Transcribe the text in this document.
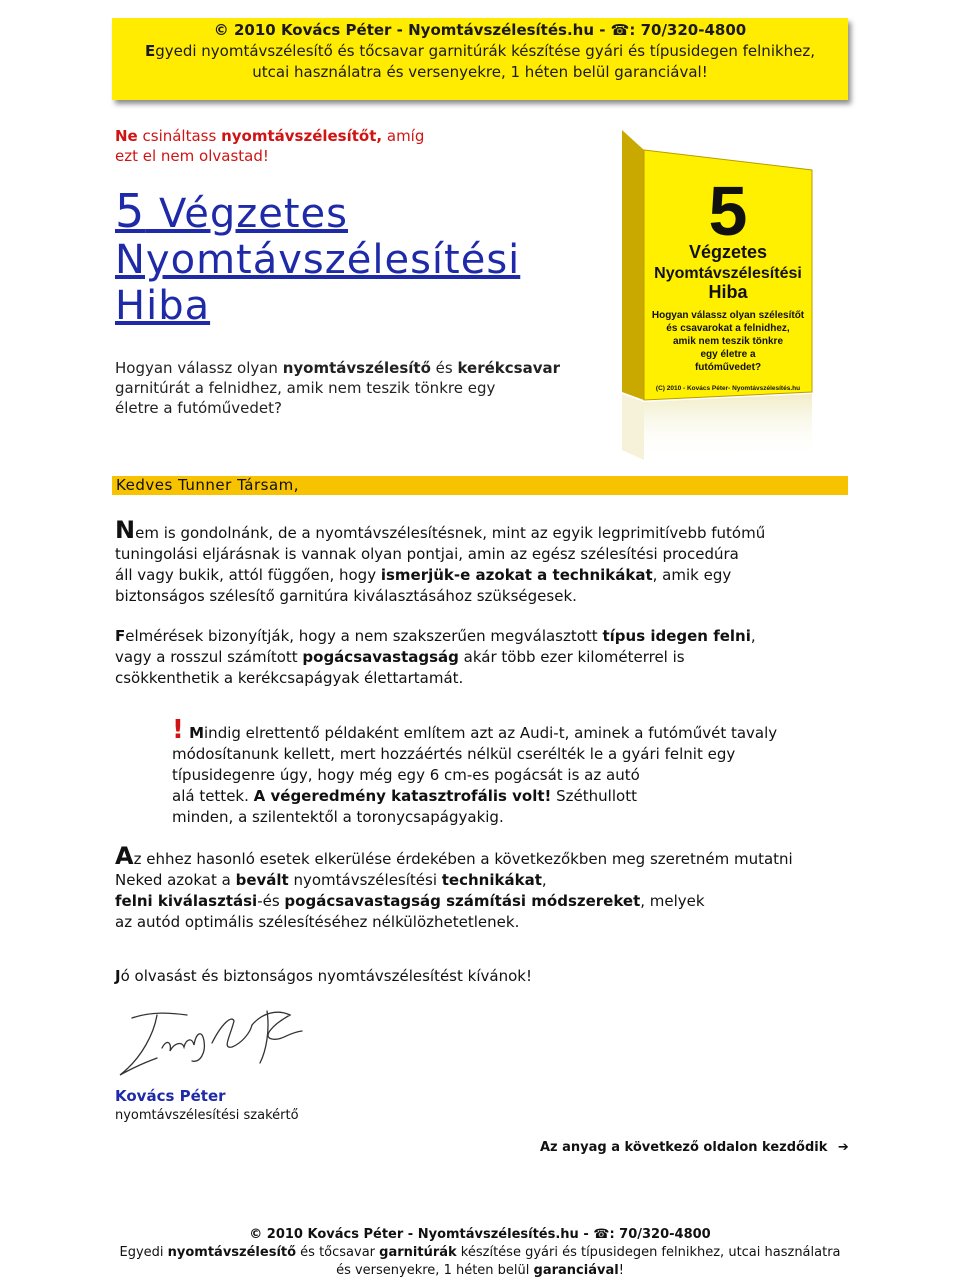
© 2010 Kovács Péter - Nyomtávszélesítés.hu - ☎: 70/320-4800
Egyedi nyomtávszélesítő és tőcsavar garnitúrák készítése gyári és típusidegen felnikhez,
utcai használatra és versenyekre, 1 héten belül garanciával!
Ne csináltass nyomtávszélesítőt, amíg
ezt el nem olvastad!
5 Végzetes
Nyomtávszélesítési
Hiba
Hogyan válassz olyan nyomtávszélesítő és kerékcsavar
garnitúrát a felnidhez, amik nem teszik tönkre egy
életre a futóművedet?
5
Végzetes
Nyomtávszélesítési
Hiba
Hogyan válassz olyan szélesítőt
és csavarokat a felnidhez,
amik nem teszik tönkre
egy életre a
futóművedet?
(C) 2010 - Kovács Péter- Nyomtávszélesítés.hu
Kedves Tunner Társam,
Nem is gondolnánk, de a nyomtávszélesítésnek, mint az egyik legprimitívebb futómű
tuningolási eljárásnak is vannak olyan pontjai, amin az egész szélesítési procedúra
áll vagy bukik, attól függően, hogy ismerjük-e azokat a technikákat, amik egy
biztonságos szélesítő garnitúra kiválasztásához szükségesek.
Felmérések bizonyítják, hogy a nem szakszerűen megválasztott típus idegen felni,
vagy a rosszul számított pogácsavastagság akár több ezer kilométerrel is
csökkenthetik a kerékcsapágyak élettartamát.
! Mindig elrettentő példaként említem azt az Audi-t, aminek a futóművét tavaly
módosítanunk kellett, mert hozzáértés nélkül cserélték le a gyári felnit egy
típusidegenre úgy, hogy még egy 6 cm-es pogácsát is az autó
alá tettek. A végeredmény katasztrofális volt! Széthullott
minden, a szilentektől a toronycsapágyakig.
Az ehhez hasonló esetek elkerülése érdekében a következőkben meg szeretném mutatni
Neked azokat a bevált nyomtávszélesítési technikákat,
felni kiválasztási-és pogácsavastagság számítási módszereket, melyek
az autód optimális szélesítéséhez nélkülözhetetlenek.
Jó olvasást és biztonságos nyomtávszélesítést kívánok!
Kovács Péter
nyomtávszélesítési szakértő
Az anyag a következő oldalon kezdődik ➔
© 2010 Kovács Péter - Nyomtávszélesítés.hu - ☎: 70/320-4800
Egyedi nyomtávszélesítő és tőcsavar garnitúrák készítése gyári és típusidegen felnikhez, utcai használatra
és versenyekre, 1 héten belül garanciával!
